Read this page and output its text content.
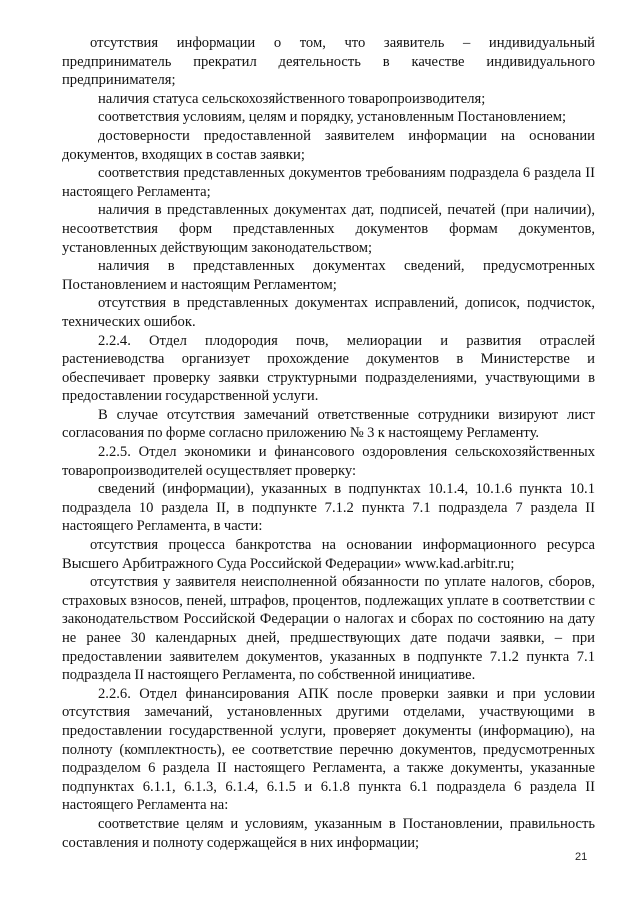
отсутствия информации о том, что заявитель – индивидуальный предприниматель прекратил деятельность в качестве индивидуального предпринимателя;

наличия статуса сельскохозяйственного товаропроизводителя;

соответствия условиям, целям и порядку, установленным Постановлением;

достоверности предоставленной заявителем информации на основании документов, входящих в состав заявки;

соответствия представленных документов требованиям подраздела 6 раздела II настоящего Регламента;

наличия в представленных документах дат, подписей, печатей (при наличии), несоответствия форм представленных документов формам документов, установленных действующим законодательством;

наличия в представленных документах сведений, предусмотренных Постановлением и настоящим Регламентом;

отсутствия в представленных документах исправлений, дописок, подчисток, технических ошибок.

2.2.4. Отдел плодородия почв, мелиорации и развития отраслей растениеводства организует прохождение документов в Министерстве и обеспечивает проверку заявки структурными подразделениями, участвующими в предоставлении государственной услуги.

В случае отсутствия замечаний ответственные сотрудники визируют лист согласования по форме согласно приложению № 3 к настоящему Регламенту.

2.2.5. Отдел экономики и финансового оздоровления сельскохозяйственных товаропроизводителей осуществляет проверку:

сведений (информации), указанных в подпунктах 10.1.4, 10.1.6 пункта 10.1 подраздела 10 раздела II, в подпункте 7.1.2 пункта 7.1 подраздела 7 раздела II настоящего Регламента, в части:

отсутствия процесса банкротства на основании информационного ресурса Высшего Арбитражного Суда Российской Федерации» www.kad.arbitr.ru;

отсутствия у заявителя неисполненной обязанности по уплате налогов, сборов, страховых взносов, пеней, штрафов, процентов, подлежащих уплате в соответствии с законодательством Российской Федерации о налогах и сборах по состоянию на дату не ранее 30 календарных дней, предшествующих дате подачи заявки, – при предоставлении заявителем документов, указанных в подпункте 7.1.2 пункта 7.1 подраздела II настоящего Регламента, по собственной инициативе.

2.2.6. Отдел финансирования АПК после проверки заявки и при условии отсутствия замечаний, установленных другими отделами, участвующими в предоставлении государственной услуги, проверяет документы (информацию), на полноту (комплектность), ее соответствие перечню документов, предусмотренных подразделом 6 раздела II настоящего Регламента, а также документы, указанные подпунктах 6.1.1, 6.1.3, 6.1.4, 6.1.5 и 6.1.8 пункта 6.1 подраздела 6 раздела II настоящего Регламента на:

соответствие целям и условиям, указанным в Постановлении, правильность составления и полноту содержащейся в них информации;

21
